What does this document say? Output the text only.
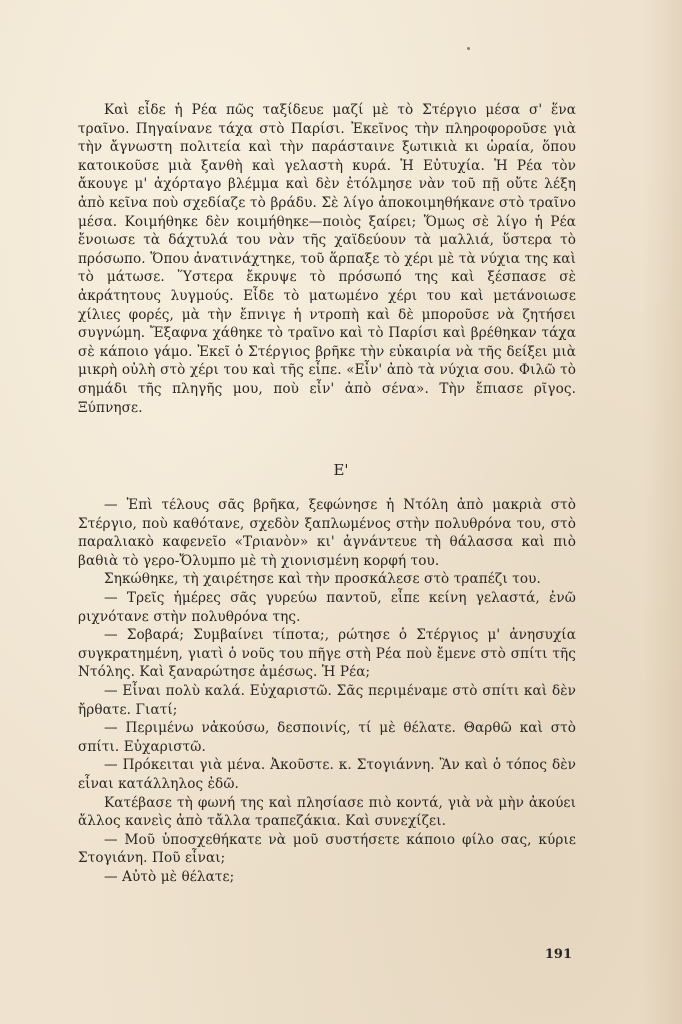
Καὶ εἶδε ἡ Ρέα πῶς ταξίδευε μαζί μὲ τὸ Στέργιο μέσα σ' ἕνα τραῖνο. Πηγαίνανε τάχα στὸ Παρίσι. Ἐκεῖνος τὴν πληροφοροῦσε γιὰ τὴν ἄγνωστη πολιτεία καὶ τὴν παράσταινε ξωτικιὰ κι ὡραία, ὅπου κατοικοῦσε μιὰ ξανθὴ καὶ γελαστὴ κυρά. Ἡ Εὐτυχία. Ἡ Ρέα τὸν ἄκουγε μ' ἀχόρταγο βλέμμα καὶ δὲν ἐτόλμησε νὰν τοῦ πῇ οὔτε λέξη ἀπὸ κεῖνα ποὺ σχεδίαζε τὸ βράδυ. Σὲ λίγο ἀποκοιμηθήκανε στὸ τραῖνο μέσα. Κοιμήθηκε δὲν κοιμήθηκε—ποιὸς ξαίρει; Ὅμως σὲ λίγο ἡ Ρέα ἔνοιωσε τὰ δάχτυλά του νὰν τῆς χαϊδεύουν τὰ μαλλιά, ὕστερα τὸ πρόσωπο. Ὅπου ἀνατινάχτηκε, τοῦ ἅρπαξε τὸ χέρι μὲ τὰ νύχια της καὶ τὸ μάτωσε. Ὕστερα ἔκρυψε τὸ πρόσωπό της καὶ ξέσπασε σὲ ἀκράτητους λυγμούς. Εἶδε τὸ ματωμένο χέρι του καὶ μετάνοιωσε χίλιες φορές, μὰ τὴν ἔπνιγε ἡ ντροπὴ καὶ δὲ μποροῦσε νὰ ζητήσει συγνώμη. Ἔξαφνα χάθηκε τὸ τραῖνο καὶ τὸ Παρίσι καὶ βρέθηκαν τάχα σὲ κάποιο γάμο. Ἐκεῖ ὁ Στέργιος βρῆκε τὴν εὐκαιρία νὰ τῆς δείξει μιὰ μικρὴ οὐλὴ στὸ χέρι του καὶ τῆς εἶπε. «Εἶν' ἀπὸ τὰ νύχια σου. Φιλῶ τὸ σημάδι τῆς πληγῆς μου, ποὺ εἶν' ἀπὸ σένα». Τὴν ἔπιασε ρῖγος. Ξύπνησε.

Ε'

— Ἐπὶ τέλους σᾶς βρῆκα, ξεφώνησε ἡ Ντόλη ἀπὸ μακριὰ στὸ Στέργιο, ποὺ καθότανε, σχεδὸν ξαπλωμένος στὴν πολυθρόνα του, στὸ παραλιακὸ καφενεῖο «Τριανὸν» κι' ἀγνάντευε τὴ θάλασσα καὶ πιὸ βαθιὰ τὸ γερο-Ὄλυμπο μὲ τὴ χιονισμένη κορφή του.

Σηκώθηκε, τὴ χαιρέτησε καὶ τὴν προσκάλεσε στὸ τραπέζι του.

— Τρεῖς ἡμέρες σᾶς γυρεύω παντοῦ, εἶπε κείνη γελαστά, ἐνῶ ριχνότανε στὴν πολυθρόνα της.

— Σοβαρά; Συμβαίνει τίποτα;, ρώτησε ὁ Στέργιος μ' ἀνησυχία συγκρατημένη, γιατὶ ὁ νοῦς του πῆγε στὴ Ρέα ποὺ ἔμενε στὸ σπίτι τῆς Ντόλης. Καὶ ξαναρώτησε ἀμέσως. Ἡ Ρέα;

— Εἶναι πολὺ καλά. Εὐχαριστῶ. Σᾶς περιμέναμε στὸ σπίτι καὶ δὲν ἤρθατε. Γιατί;

— Περιμένω νἀκούσω, δεσποινίς, τί μὲ θέλατε. Θαρθῶ καὶ στὸ σπίτι. Εὐχαριστῶ.

— Πρόκειται γιὰ μένα. Ἀκοῦστε. κ. Στογιάννη. Ἂν καὶ ὁ τόπος δὲν εἶναι κατάλληλος ἐδῶ.

Κατέβασε τὴ φωνή της καὶ πλησίασε πιὸ κοντά, γιὰ νὰ μὴν ἀκούει ἄλλος κανεὶς ἀπὸ τἄλλα τραπεζάκια. Καὶ συνεχίζει.

— Μοῦ ὑποσχεθήκατε νὰ μοῦ συστήσετε κάποιο φίλο σας, κύριε Στογιάνη. Ποῦ εἶναι;

— Αὐτὸ μὲ θέλατε;

191
